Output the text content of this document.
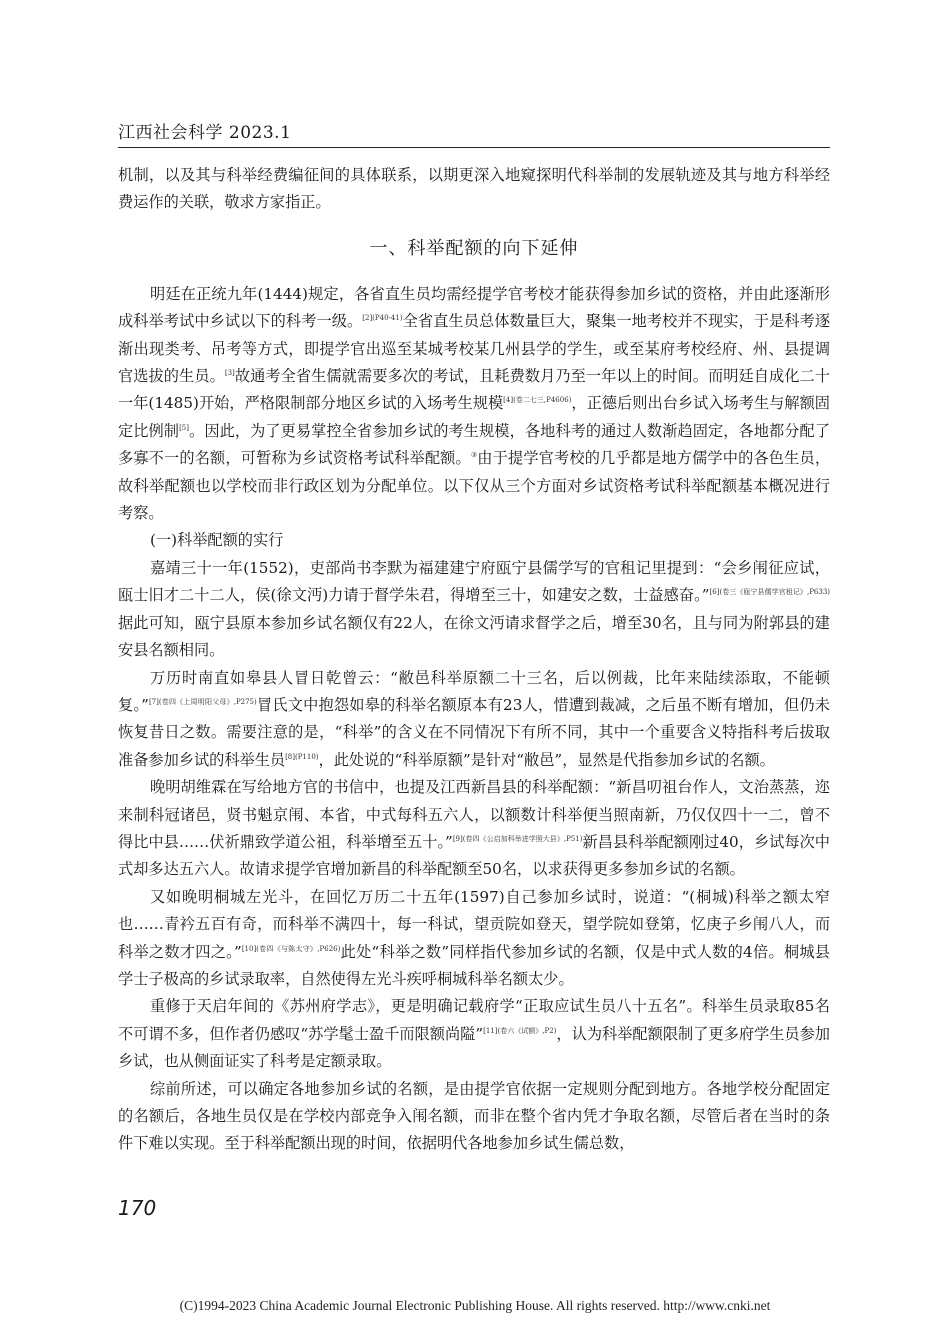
江西社会科学 2023.1

机制，以及其与科举经费编征间的具体联系，以期更深入地窥探明代科举制的发展轨迹及其与地方科举经费运作的关联，敬求方家指正。

一、科举配额的向下延伸

明廷在正统九年(1444)规定，各省直生员均需经提学官考校才能获得参加乡试的资格，并由此逐渐形成科举考试中乡试以下的科考一级。$^{[2](P40-41)}$全省直生员总体数量巨大，聚集一地考校并不现实，于是科考逐渐出现类考、吊考等方式，即提学官出巡至某城考校某几州县学的学生，或至某府考校经府、州、县提调官选拔的生员。[3]故通考全省生儒就需要多次的考试，且耗费数月乃至一年以上的时间。而明廷自成化二十一年(1485)开始，严格限制部分地区乡试的入场考生规模$^{[4](卷二七三,P4606)}$，正德后则出台乡试入场考生与解额固定比例制[5]。因此，为了更易掌控全省参加乡试的考生规模，各地科考的通过人数渐趋固定，各地都分配了多寡不一的名额，可暂称为乡试资格考试科举配额。③由于提学官考校的几乎都是地方儒学中的各色生员，故科举配额也以学校而非行政区划为分配单位。以下仅从三个方面对乡试资格考试科举配额基本概况进行考察。

(一)科举配额的实行

嘉靖三十一年(1552)，吏部尚书李默为福建建宁府瓯宁县儒学写的官租记里提到：“会乡闱征应试，瓯士旧才二十二人，侯(徐文沔)力请于督学朱君，得增至三十，如建安之数，士益感奋。”$^{[6](卷三《瓯宁县儒学官租记》,P633)}$据此可知，瓯宁县原本参加乡试名额仅有22人，在徐文沔请求督学之后，增至30名，且与同为附郭县的建安县名额相同。

万历时南直如皋县人冒日乾曾云：“敝邑科举原额二十三名，后以例裁，比年来陆续添取，不能顿复。”$^{[7](卷四《上周明阳父母》,P275)}$冒氏文中抱怨如皋的科举名额原本有23人，惜遭到裁减，之后虽不断有增加，但仍未恢复昔日之数。需要注意的是，“科举”的含义在不同情况下有所不同，其中一个重要含义特指科考后拔取准备参加乡试的科举生员$^{[8](P110)}$，此处说的“科举原额”是针对“敝邑”，显然是代指参加乡试的名额。

晚明胡维霖在写给地方官的书信中，也提及江西新昌县的科举配额：“新昌叨祖台作人，文治蒸蒸，迩来制科冠诸邑，贤书魁京闱、本省，中式每科五六人，以额数计科举便当照南新，乃仅仅四十一二，曾不得比中县……伏祈鼎致学道公祖，科举增至五十。”$^{[9](卷四《公启加科举进学照大县》,P51)}$新昌县科举配额刚过40，乡试每次中式却多达五六人。故请求提学官增加新昌的科举配额至50名，以求获得更多参加乡试的名额。

又如晚明桐城左光斗，在回忆万历二十五年(1597)自己参加乡试时，说道：“(桐城)科举之额太窄也……青衿五百有奇，而科举不满四十，每一科试，望贡院如登天，望学院如登第，忆庚子乡闱八人，而科举之数才四之。”$^{[10](卷四《与陈太守》,P626)}$此处“科举之数”同样指代参加乡试的名额，仅是中式人数的4倍。桐城县学士子极高的乡试录取率，自然使得左光斗疾呼桐城科举名额太少。

重修于天启年间的《苏州府学志》，更是明确记载府学“正取应试生员八十五名”。科举生员录取85名不可谓不多，但作者仍感叹“苏学髦士盈千而限额尚隘”$^{[11](卷六《试额》,P2)}$，认为科举配额限制了更多府学生员参加乡试，也从侧面证实了科考是定额录取。

综前所述，可以确定各地参加乡试的名额，是由提学官依据一定规则分配到地方。各地学校分配固定的名额后，各地生员仅是在学校内部竞争入闱名额，而非在整个省内凭才争取名额，尽管后者在当时的条件下难以实现。至于科举配额出现的时间，依据明代各地参加乡试生儒总数，

170
(C)1994-2023 China Academic Journal Electronic Publishing House. All rights reserved. http://www.cnki.net
